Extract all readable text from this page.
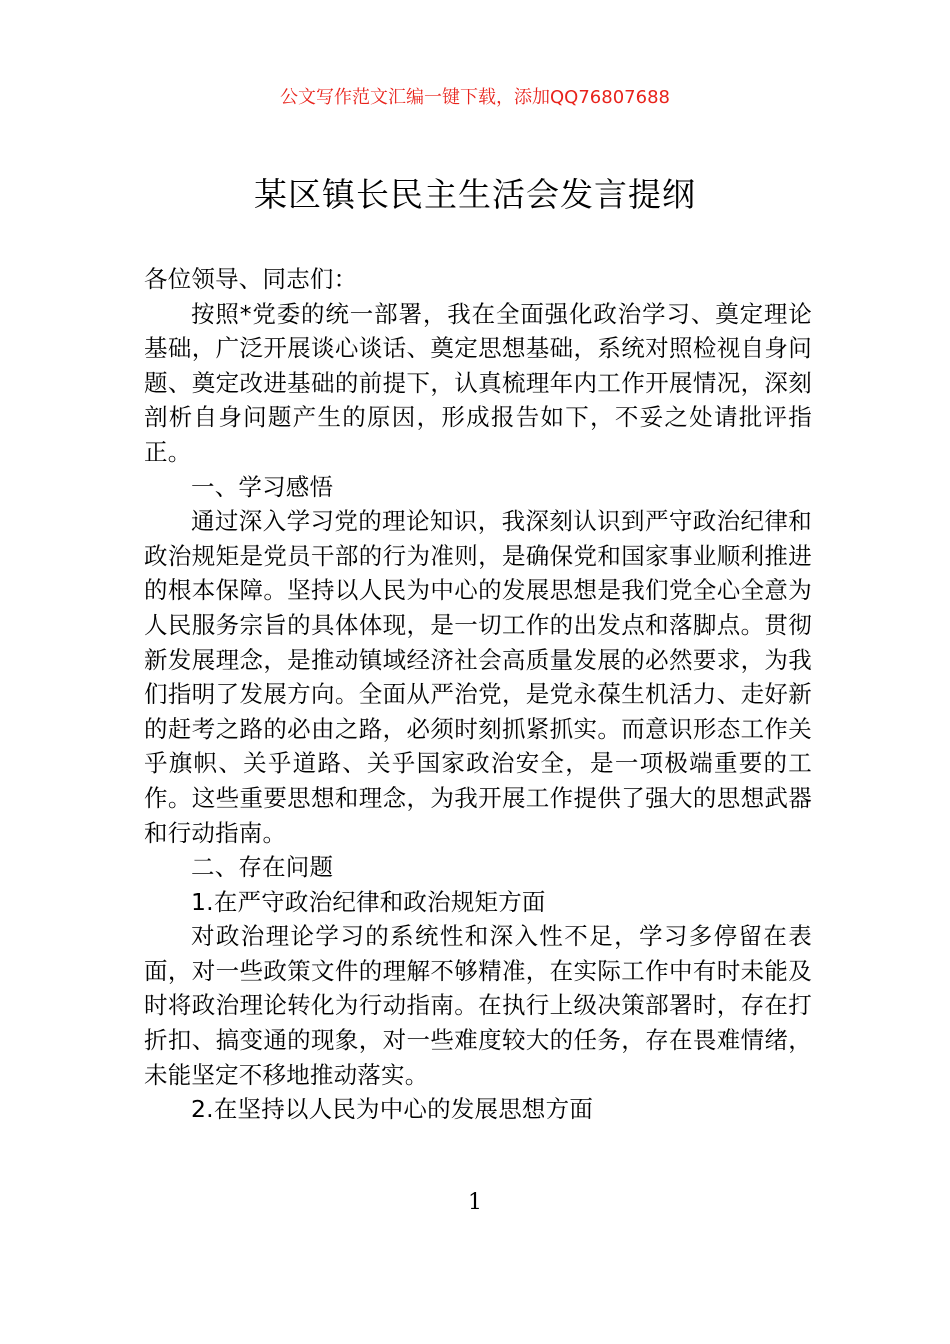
公文写作范文汇编一键下载，添加QQ76807688
某区镇长民主生活会发言提纲

各位领导、同志们：

按照*党委的统一部署，我在全面强化政治学习、奠定理论基础，广泛开展谈心谈话、奠定思想基础，系统对照检视自身问题、奠定改进基础的前提下，认真梳理年内工作开展情况，深刻剖析自身问题产生的原因，形成报告如下，不妥之处请批评指正。

一、学习感悟

通过深入学习党的理论知识，我深刻认识到严守政治纪律和政治规矩是党员干部的行为准则，是确保党和国家事业顺利推进的根本保障。坚持以人民为中心的发展思想是我们党全心全意为人民服务宗旨的具体体现，是一切工作的出发点和落脚点。贯彻新发展理念，是推动镇域经济社会高质量发展的必然要求，为我们指明了发展方向。全面从严治党，是党永葆生机活力、走好新的赶考之路的必由之路，必须时刻抓紧抓实。而意识形态工作关乎旗帜、关乎道路、关乎国家政治安全，是一项极端重要的工作。这些重要思想和理念，为我开展工作提供了强大的思想武器和行动指南。

二、存在问题

1.在严守政治纪律和政治规矩方面

对政治理论学习的系统性和深入性不足，学习多停留在表面，对一些政策文件的理解不够精准，在实际工作中有时未能及时将政治理论转化为行动指南。在执行上级决策部署时，存在打折扣、搞变通的现象，对一些难度较大的任务，存在畏难情绪，未能坚定不移地推动落实。

2.在坚持以人民为中心的发展思想方面

1
